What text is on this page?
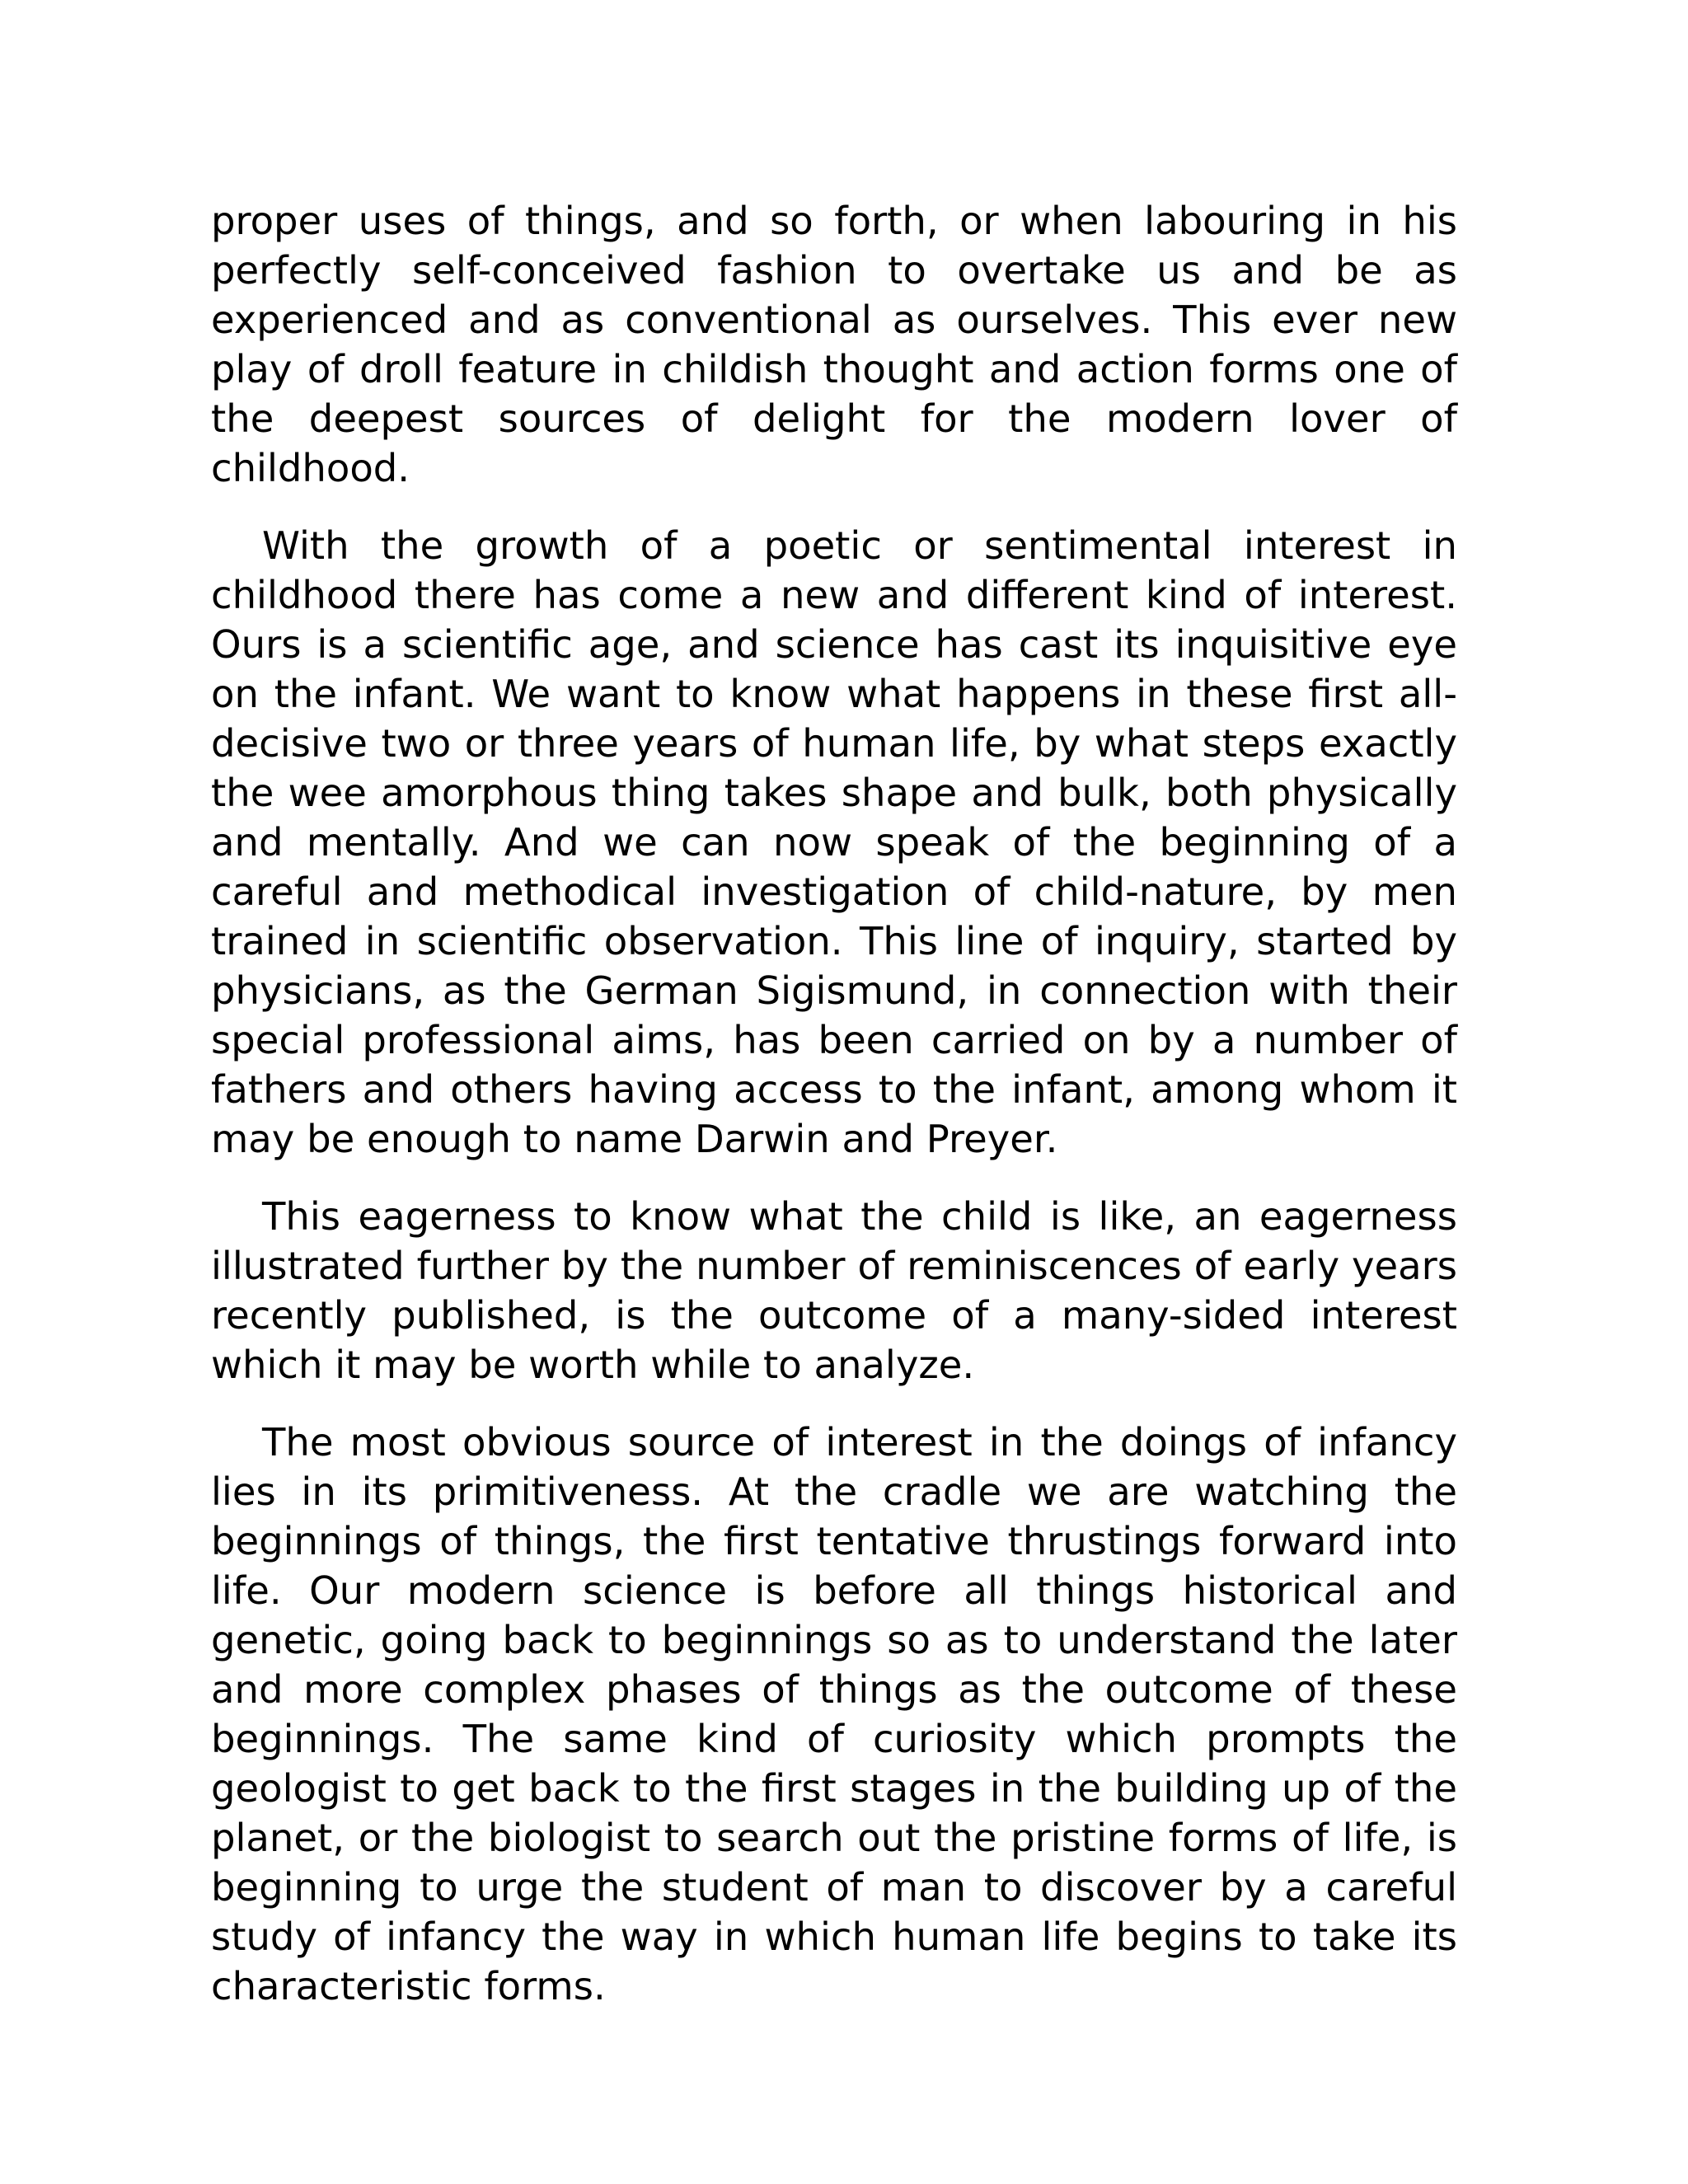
proper uses of things, and so forth, or when labouring in his perfectly self-conceived fashion to overtake us and be as experienced and as conventional as ourselves. This ever new play of droll feature in childish thought and action forms one of the deepest sources of delight for the modern lover of childhood.

With the growth of a poetic or sentimental interest in childhood there has come a new and different kind of interest. Ours is a scientific age, and science has cast its inquisitive eye on the infant. We want to know what happens in these first all-decisive two or three years of human life, by what steps exactly the wee amorphous thing takes shape and bulk, both physically and mentally. And we can now speak of the beginning of a careful and methodical investigation of child-nature, by men trained in scientific observation. This line of inquiry, started by physicians, as the German Sigismund, in connection with their special professional aims, has been carried on by a number of fathers and others having access to the infant, among whom it may be enough to name Darwin and Preyer.

This eagerness to know what the child is like, an eagerness illustrated further by the number of reminiscences of early years recently published, is the outcome of a many-sided interest which it may be worth while to analyze.

The most obvious source of interest in the doings of infancy lies in its primitiveness. At the cradle we are watching the beginnings of things, the first tentative thrustings forward into life. Our modern science is before all things historical and genetic, going back to beginnings so as to understand the later and more complex phases of things as the outcome of these beginnings. The same kind of curiosity which prompts the geologist to get back to the first stages in the building up of the planet, or the biologist to search out the pristine forms of life, is beginning to urge the student of man to discover by a careful study of infancy the way in which human life begins to take its characteristic forms.
